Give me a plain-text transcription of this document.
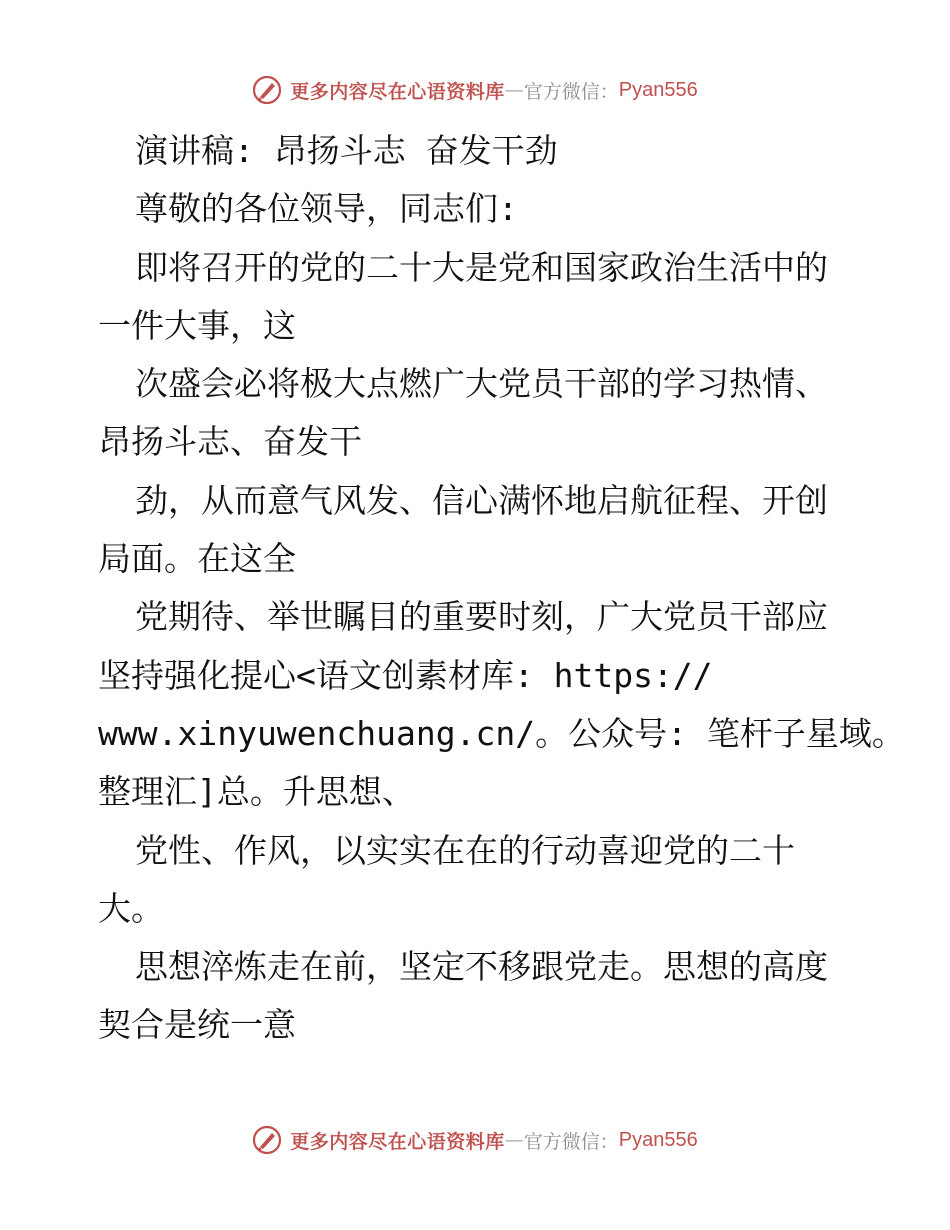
更多内容尽在心语资料库 — 官方微信： Pyan556
演讲稿: 昂扬斗志 奋发干劲
尊敬的各位领导，同志们:
即将召开的党的二十大是党和国家政治生活中的
一件大事，这
次盛会必将极大点燃广大党员干部的学习热情、
昂扬斗志、奋发干
劲，从而意气风发、信心满怀地启航征程、开创
局面。在这全
党期待、举世瞩目的重要时刻，广大党员干部应
坚持强化提心<语文创素材库: https://
www.xinyuwenchuang.cn/。公众号: 笔杆子星域。
整理汇]总。升思想、
党性、作风，以实实在在的行动喜迎党的二十
大。
思想淬炼走在前，坚定不移跟党走。思想的高度
契合是统一意
更多内容尽在心语资料库 — 官方微信： Pyan556
